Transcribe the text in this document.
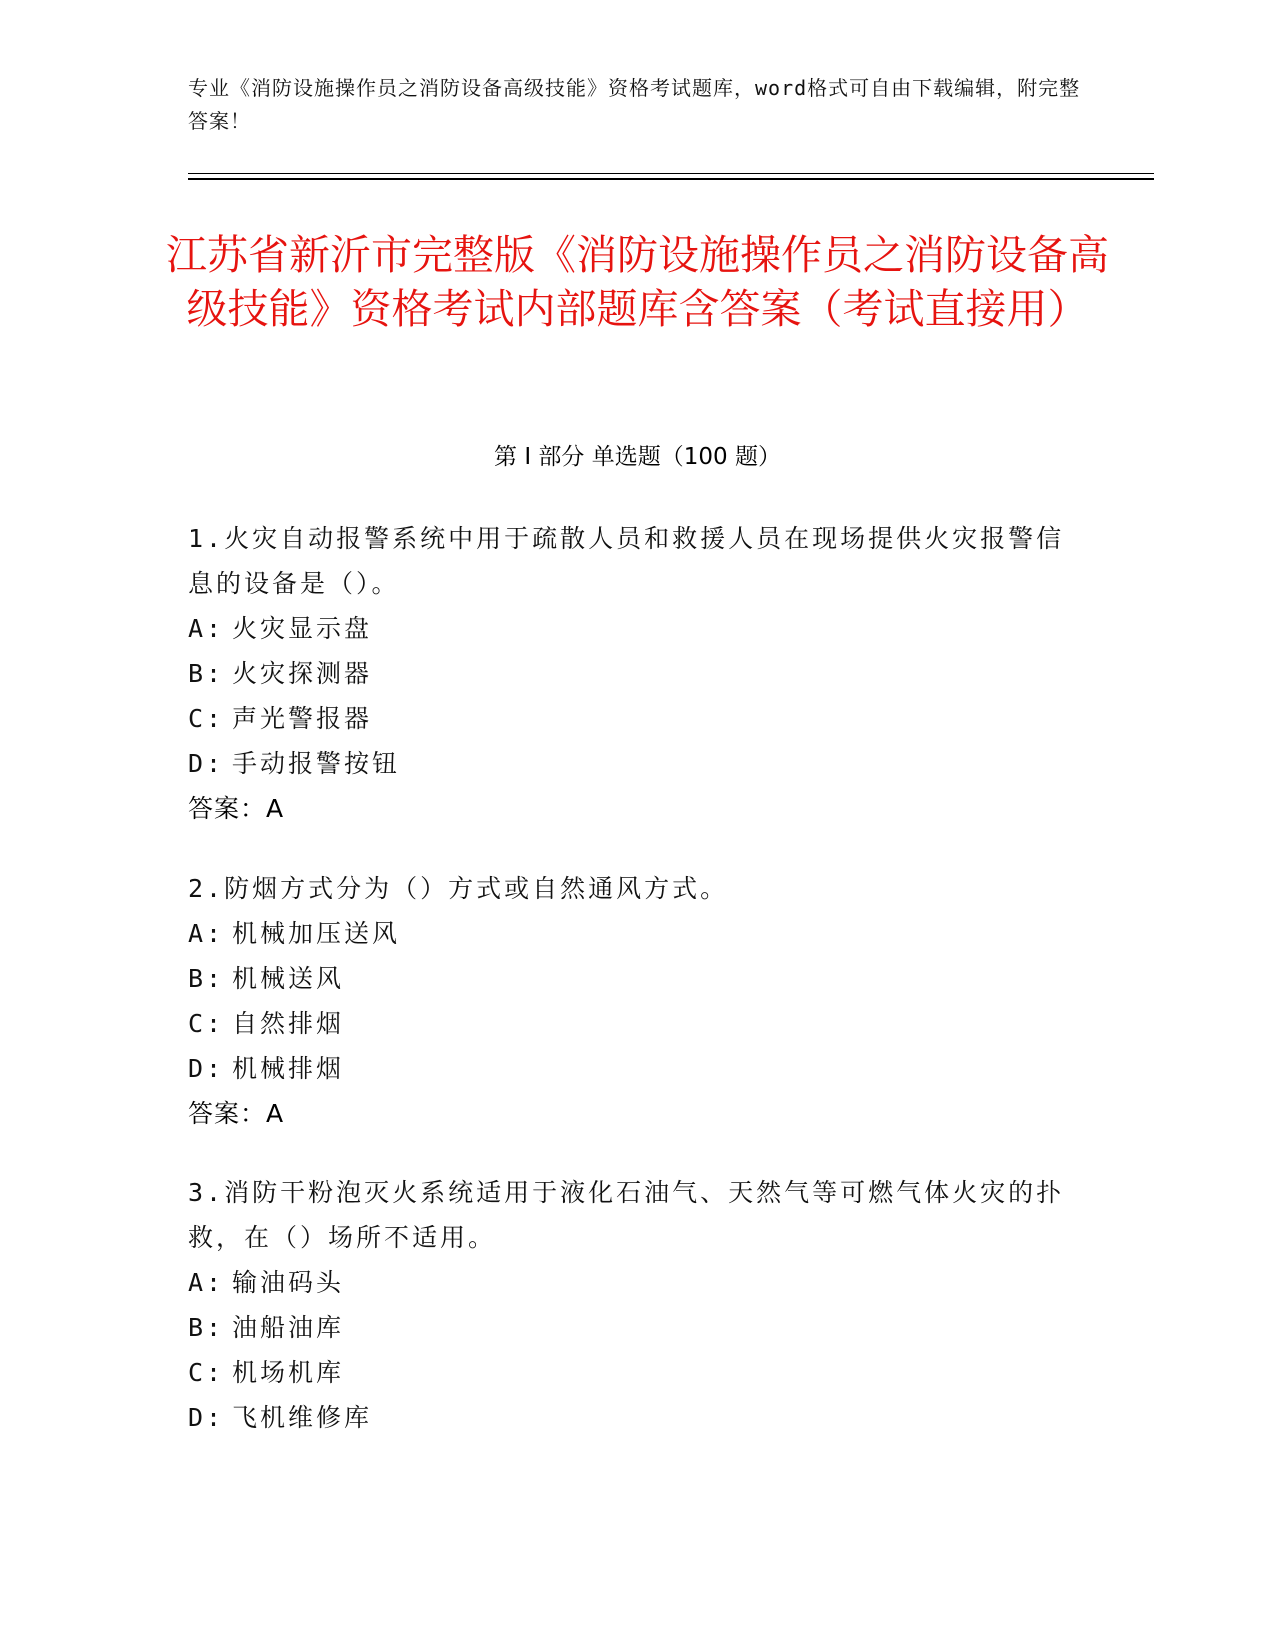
专业《消防设施操作员之消防设备高级技能》资格考试题库，word格式可自由下载编辑，附完整答案！
江苏省新沂市完整版《消防设施操作员之消防设备高级技能》资格考试内部题库含答案（考试直接用）
第 I 部分 单选题（100 题）
1.火灾自动报警系统中用于疏散人员和救援人员在现场提供火灾报警信息的设备是（）。
A: 火灾显示盘
B: 火灾探测器
C: 声光警报器
D: 手动报警按钮
答案：A
2.防烟方式分为（）方式或自然通风方式。
A: 机械加压送风
B: 机械送风
C: 自然排烟
D: 机械排烟
答案：A
3.消防干粉泡灭火系统适用于液化石油气、天然气等可燃气体火灾的扑救，在（）场所不适用。
A: 输油码头
B: 油船油库
C: 机场机库
D: 飞机维修库
